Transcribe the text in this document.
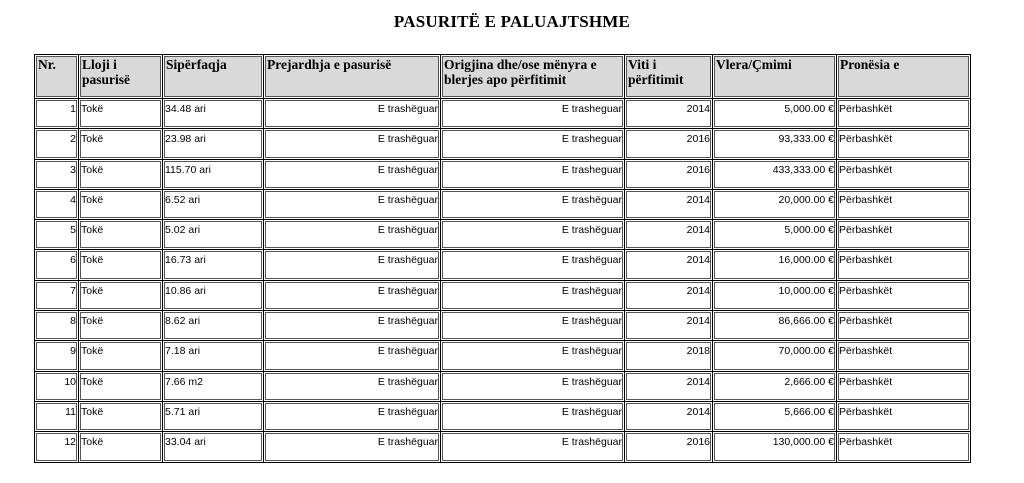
PASURITË E PALUAJTSHME
Nr.	Lloji i pasurisë	Sipërfaqja	Prejardhja e pasurisë	Origjina dhe/ose mënyra e blerjes apo përfitimit	Viti i përfitimit	Vlera/Çmimi	Pronësia e
1	Tokë	34.48 ari	E trashëguar	E trasheguar	2014	5,000.00 €	Përbashkët
2	Tokë	23.98 ari	E trashëguar	E trasheguar	2016	93,333.00 €	Përbashkët
3	Tokë	115.70 ari	E trashëguar	E trasheguar	2016	433,333.00 €	Përbashkët
4	Tokë	6.52 ari	E trashëguar	E trashëguar	2014	20,000.00 €	Përbashkët
5	Tokë	5.02 ari	E trashëguar	E trashëguar	2014	5,000.00 €	Përbashkët
6	Tokë	16.73 ari	E trashëguar	E trashëguar	2014	16,000.00 €	Përbashkët
7	Tokë	10.86 ari	E trashëguar	E trashëguar	2014	10,000.00 €	Përbashkët
8	Tokë	8.62 ari	E trashëguar	E trashëguar	2014	86,666.00 €	Përbashkët
9	Tokë	7.18 ari	E trashëguar	E trashëguar	2018	70,000.00 €	Përbashkët
10	Tokë	7.66 m2	E trashëguar	E trashëguar	2014	2,666.00 €	Përbashkët
11	Tokë	5.71 ari	E trashëguar	E trashëguar	2014	5,666.00 €	Përbashkët
12	Tokë	33.04 ari	E trashëguar	E trashëguar	2016	130,000.00 €	Përbashkët
